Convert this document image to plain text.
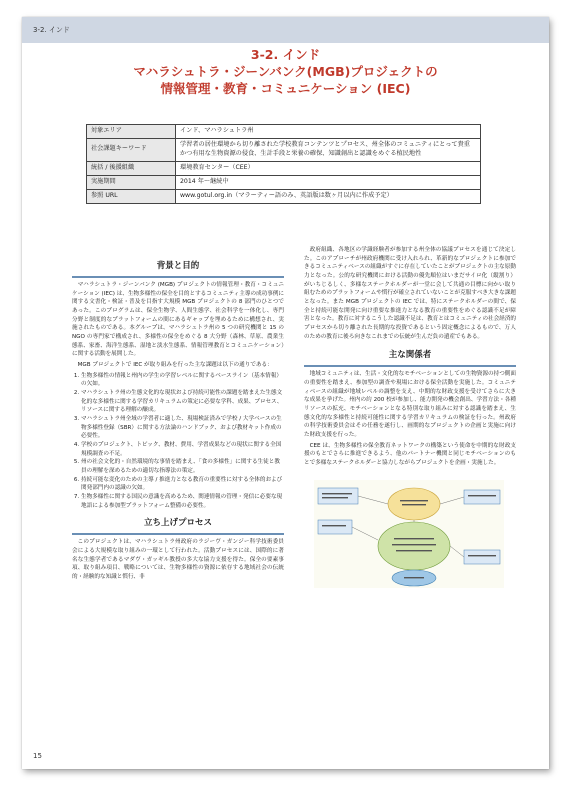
3-2. インド
3-2. インド
マハラシュトラ・ジーンバンク(MGB)プロジェクトの
情報管理・教育・コミュニケーション (IEC)
対象エリア	インド、マハラシュトラ州
社会課題キーワード	学習者の居住環境から切り離された学校教育コンテンツとプロセス、州全体のコミュニティにとって貴重かつ有用な生物資源の侵食、生計手段と栄養の確保、知識創出と認識をめぐる植民地性
統括 / 後援組織	環境教育センター（CEE）
実施期間	2014 年～継続中
参照 URL	www.gotul.org.in（マラーティー語のみ、英語版は数ヶ月以内に作成予定）
背景と目的

マハラシュトラ・ジーンバンク (MGB) プロジェクトの情報管理・教育・コミュニケーション (IEC) は、生物多様性の保全を目的とするコミュニティ主導の成功事例に関する文書化・検証・普及を目指す大規模 MGB プロジェクトの 8 部門のひとつであった。このプログラムは、保全生物学、人間生態学、社会科学を一体化し、専門分野と制度的なプラットフォームの間にあるギャップを埋めるために構想され、実施されたものである。本グループは、マハラシュトラ州の 5 つの研究機関と 15 の NGO の専門家で構成され、多様性の保全をめぐる 8 大分野（森林、草原、農業生態系、家畜、海洋生態系、湿地と淡水生態系、情報管理教育とコミュニケーション）に関する活動を展開した。

MGB プロジェクトで IEC が取り組みを行った主な課題は以下の通りである：

1. 生物多様性の情報と州内の学生の学習レベルに関するベースライン（基本情報）の欠如。
2. マハラシュトラ州の生態文化的な現状および持続可能性の課題を踏まえた生態文化的な多様性に関する学習カリキュラムの策定に必要な学科、成果、プロセス、リソースに関する理解の醸成。
3. マハラシュトラ州全域の学習者に適した、現場検証済みで学校 / 大学ベースの生物多様性登録（SBR）に関する方法論のハンドブック、および教材キット作成の必要性。
4. 学校のプロジェクト、トピック、教材、費用、学習成果などの現状に関する全国規模調査の不足。
5. 州の社会文化的・自然環境的な事情を踏まえ、「食の多様性」に関する生徒と教員の理解を深めるための適切な指導法の策定。
6. 持続可能な変化のための主導 / 推進力となる教育の重要性に対する全体的および関発部門内の認識の欠如。
7. 生物多様性に関する国民の意識を高めるため、関連情報の管理・発信に必要な現地語による参加型プラットフォーム整備の必要性。
立ち上げプロセス

このプロジェクトは、マハラシュトラ州政府のラジーヴ・ガンジー科学技術委員会による大規模な取り組みの一環として行われた。活動プロセスには、国際的に著名な生態学者であるマダヴ・ガッギル教授の多大な協力支援を得た。保全の要素事項、取り組み項目、戦略については、生物多様性の資源に依存する地域社会の伝統的・経験的な知識と慣行、非

政府組織、各地区の学識経験者が参加する州全体の協議プロセスを通じて決定した。このアプローチが州政府機関に受け入れられ、革新的なプロジェクトに参加できるコミュニティベースの組織がすぐに存在していたことがプロジェクトの主な原動力となった。公的な研究機関における活動の優先順位はいまだサイロ化（縦割り）がいちじるしく、多様なステークホルダーが一堂に会して共通の目標に向かい取り組むためのプラットフォームや慣行が確立されていないことが克服すべき大きな課題となった。また MGB プロジェクトの IEC では、特にステークホルダーの間で、保全と持続可能な開発に向け重要な推進力となる教育の重要性をめぐる認識不足が障害となった。教育に対するこうした認識不足は、教育とはコミュニティの社会経済的プロセスから切り離された長期的な投資であるという固定概念によるもので、万人のための教育に後ろ向きなこれまでの伝統が生んだ負の遺産でもある。

主な関係者

地域コミュニティは、生活・文化的なモチベーションとしての生物資源の持つ側面の重要性を踏まえ、参加型の調査や現場における保全活動を実施した。コミュニティベースの組織が地域レベルの調整を支え、中期的な財政支援を受けてさらに大きな成果を挙げた。州内の約 200 校が参加し、能力開発の機会創出、学習方法・各種リソースの拡充、モチベーションとなる特別な取り組みに対する認識を踏まえ、生態文化的な多様性と持続可能性に関する学習カリキュラムの検証を行った。州政府の科学技術委員会はその任務を遂行し、画期的なプロジェクトの企画と実施に向けた財政支援を行った。

CEE は、生物多様性の保全教育ネットワークの構築という使命を中期的な財政支援のもとでさらに推進できるよう、他のパートナー機関と同じモチベーションのもとで多様なステークホルダーと協力しながらプロジェクトを企画・実施した。

15
